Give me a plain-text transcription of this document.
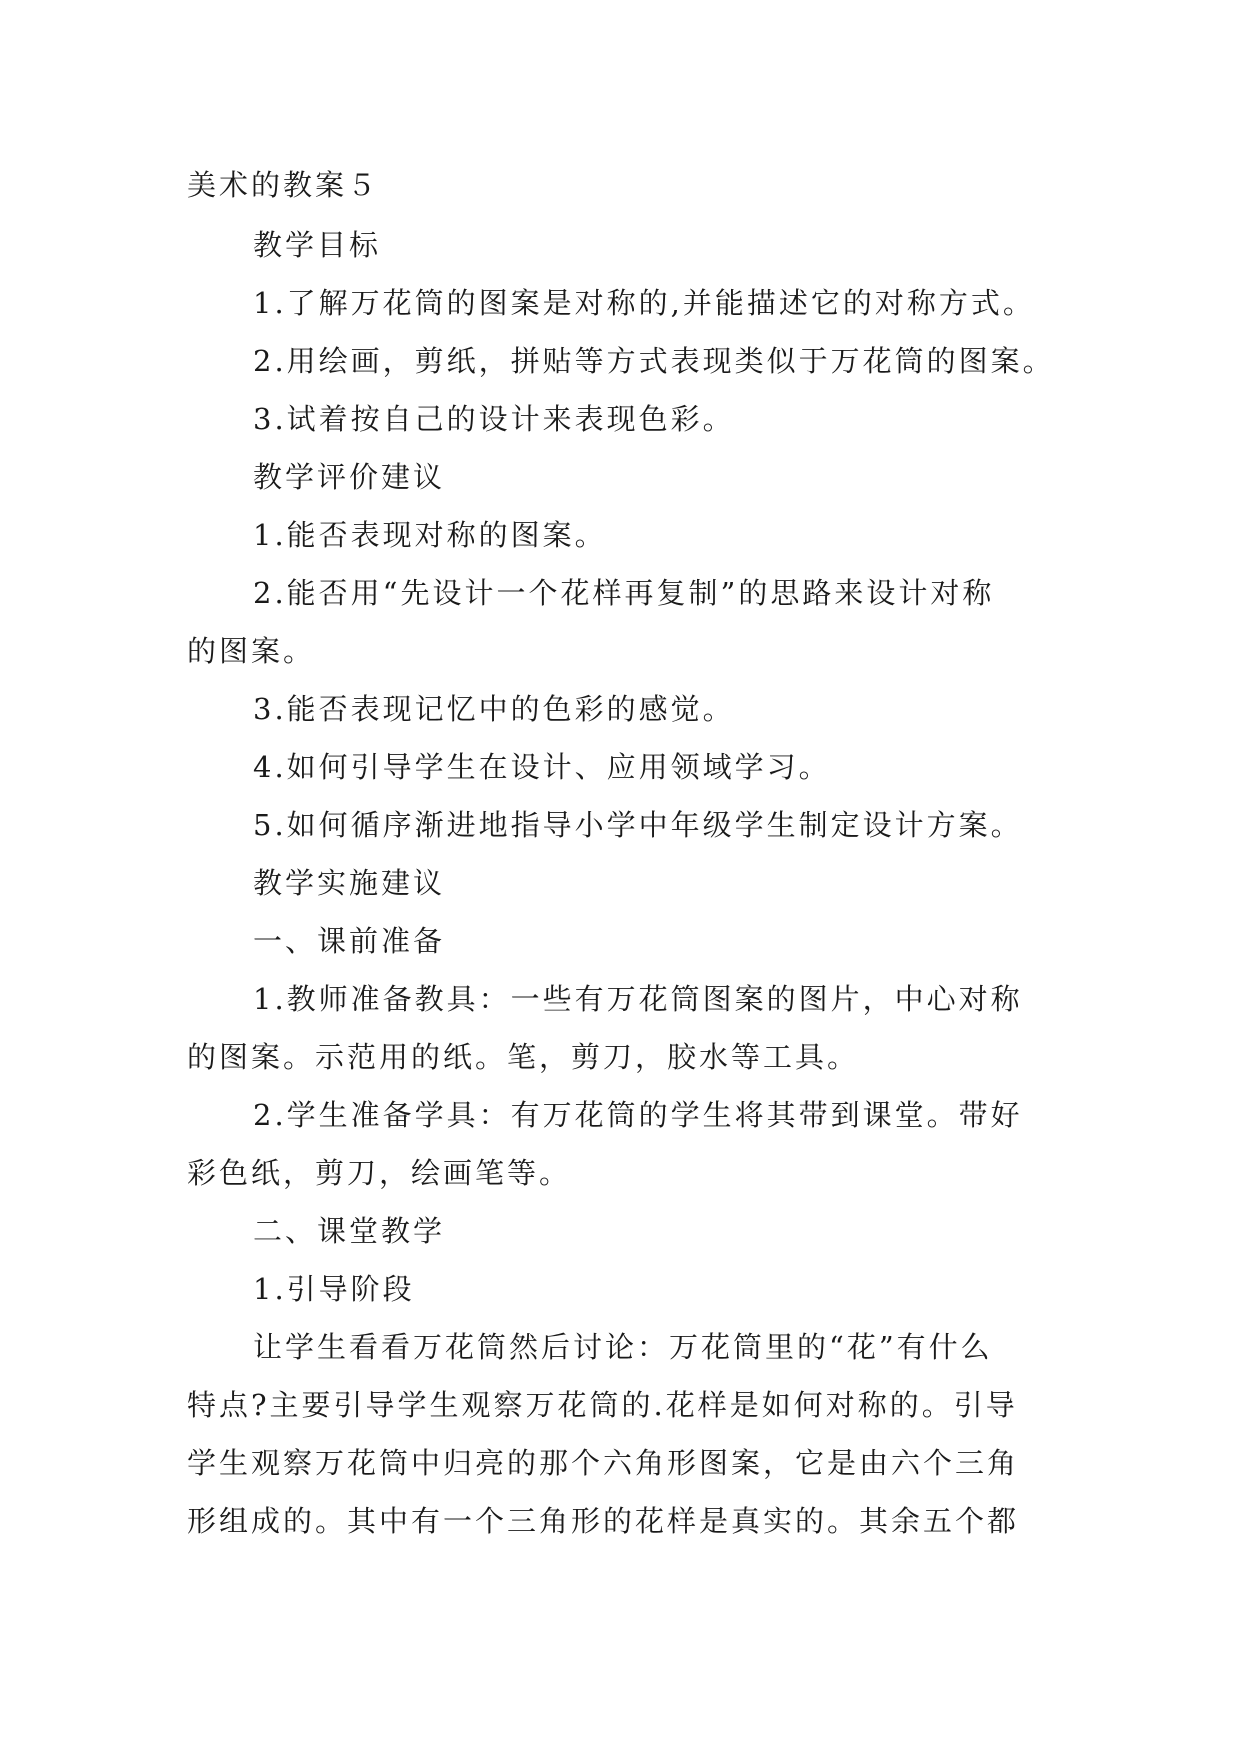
美术的教案５
教学目标
1.了解万花筒的图案是对称的,并能描述它的对称方式。
2.用绘画，剪纸，拼贴等方式表现类似于万花筒的图案。
3.试着按自己的设计来表现色彩。
教学评价建议
1.能否表现对称的图案。
2.能否用“先设计一个花样再复制”的思路来设计对称
的图案。
3.能否表现记忆中的色彩的感觉。
4.如何引导学生在设计、应用领域学习。
5.如何循序渐进地指导小学中年级学生制定设计方案。
教学实施建议
一、课前准备
1.教师准备教具：一些有万花筒图案的图片，中心对称
的图案。示范用的纸。笔，剪刀，胶水等工具。
2.学生准备学具：有万花筒的学生将其带到课堂。带好
彩色纸，剪刀，绘画笔等。
二、课堂教学
1.引导阶段
让学生看看万花筒然后讨论：万花筒里的“花”有什么
特点?主要引导学生观察万花筒的.花样是如何对称的。引导
学生观察万花筒中归亮的那个六角形图案，它是由六个三角
形组成的。其中有一个三角形的花样是真实的。其余五个都
